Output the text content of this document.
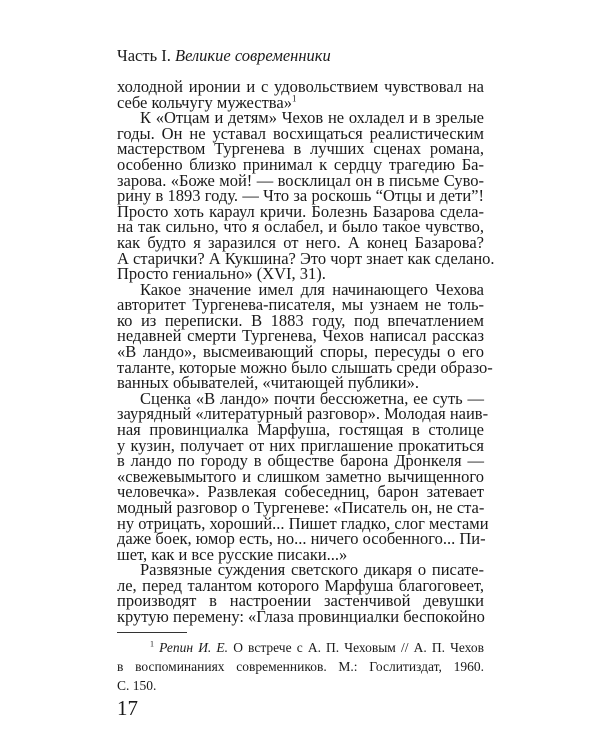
Часть I. Великие современники
холодной иронии и с удовольствием чувствовал на
себе кольчугу мужества»$^1$
К «Отцам и детям» Чехов не охладел и в зрелые
годы. Он не уставал восхищаться реалистическим
мастерством Тургенева в лучших сценах романа,
особенно близко принимал к сердцу трагедию Ба-
зарова. «Боже мой! — восклицал он в письме Суво-
рину в 1893 году. — Что за роскошь “Отцы и дети”!
Просто хоть караул кричи. Болезнь Базарова сдела-
на так сильно, что я ослабел, и было такое чувство,
как будто я заразился от него. А конец Базарова?
А старички? А Кукшина? Это чорт знает как сделано.
Просто гениально» (XVI, 31).
Какое значение имел для начинающего Чехова
авторитет Тургенева-писателя, мы узнаем не толь-
ко из переписки. В 1883 году, под впечатлением
недавней смерти Тургенева, Чехов написал рассказ
«В ландо», высмеивающий споры, пересуды о его
таланте, которые можно было слышать среди образо-
ванных обывателей, «читающей публики».
Сценка «В ландо» почти бессюжетна, ее суть —
заурядный «литературный разговор». Молодая наив-
ная провинциалка Марфуша, гостящая в столице
у кузин, получает от них приглашение прокатиться
в ландо по городу в обществе барона Дронкеля —
«свежевымытого и слишком заметно вычищенного
человечка». Развлекая собеседниц, барон затевает
модный разговор о Тургеневе: «Писатель он, не ста-
ну отрицать, хороший... Пишет гладко, слог местами
даже боек, юмор есть, но... ничего особенного... Пи-
шет, как и все русские писаки...»
Развязные суждения светского дикаря о писате-
ле, перед талантом которого Марфуша благоговеет,
производят в настроении застенчивой девушки
крутую перемену: «Глаза провинциалки беспокойно
$^1$ Репин И. Е. О встрече с А. П. Чеховым // А. П. Чехов
в воспоминаниях современников. М.: Гослитиздат, 1960.
С. 150.
17
